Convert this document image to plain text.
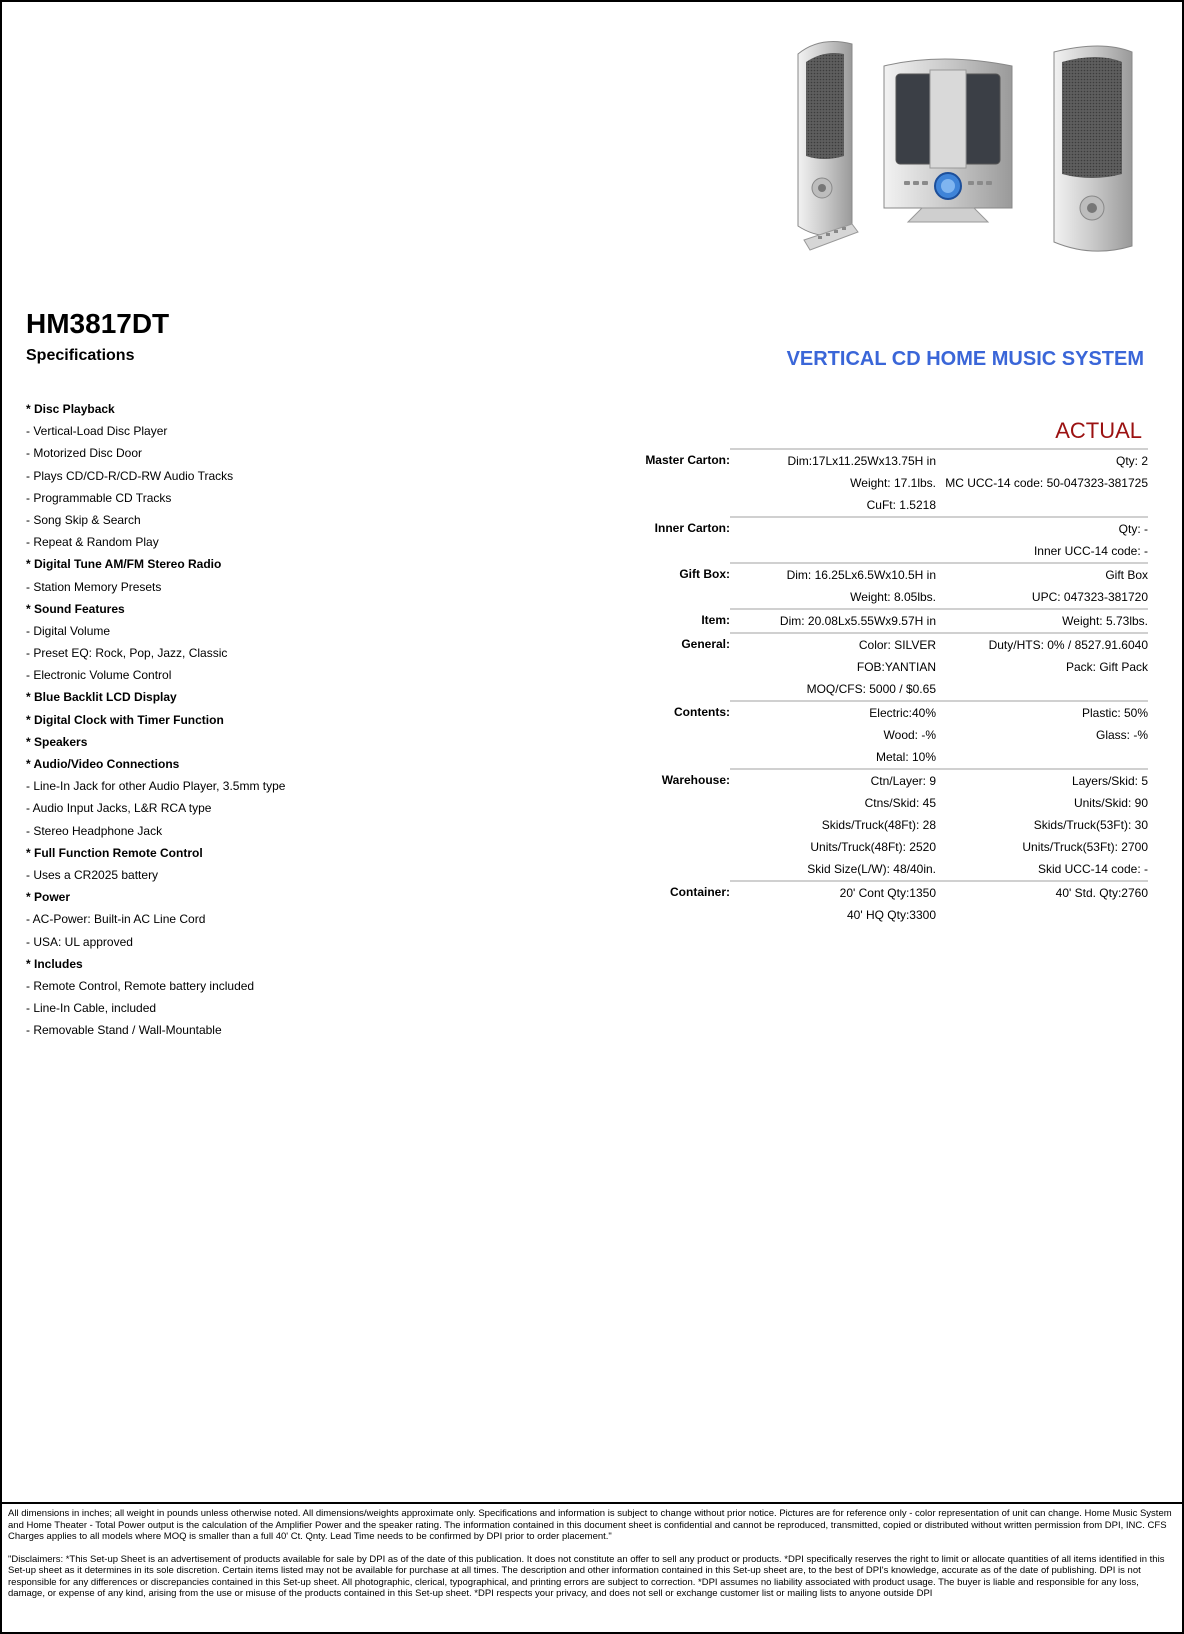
HM3817DT
Specifications	VERTICAL CD HOME MUSIC SYSTEM
* Disc Playback
- Vertical-Load Disc Player
- Motorized Disc Door
- Plays CD/CD-R/CD-RW Audio Tracks
- Programmable CD Tracks
- Song Skip & Search
- Repeat & Random Play
* Digital Tune AM/FM Stereo Radio
- Station Memory Presets
* Sound Features
- Digital Volume
- Preset EQ: Rock, Pop, Jazz, Classic
- Electronic Volume Control
* Blue Backlit LCD Display
* Digital Clock with Timer Function
* Speakers
* Audio/Video Connections
- Line-In Jack for other Audio Player, 3.5mm type
- Audio Input Jacks, L&R RCA type
- Stereo Headphone Jack
* Full Function Remote Control
- Uses a CR2025 battery
* Power
- AC-Power: Built-in AC Line Cord
- USA: UL approved
* Includes
- Remote Control, Remote battery included
- Line-In Cable, included
- Removable Stand / Wall-Mountable
ACTUAL
Master Carton:	Dim:17Lx11.25Wx13.75H in	Qty: 2
	Weight: 17.1lbs.	MC UCC-14 code: 50-047323-381725
	CuFt: 1.5218	
Inner Carton:		Qty: -
		Inner UCC-14 code: -
Gift Box:	Dim: 16.25Lx6.5Wx10.5H in	Gift Box
	Weight: 8.05lbs.	UPC: 047323-381720
Item:	Dim: 20.08Lx5.55Wx9.57H in	Weight: 5.73lbs.
General:	Color: SILVER	Duty/HTS: 0% / 8527.91.6040
	FOB:YANTIAN	Pack: Gift Pack
	MOQ/CFS: 5000 / $0.65	
Contents:	Electric:40%	Plastic: 50%
	Wood: -%	Glass: -%
	Metal: 10%	
Warehouse:	Ctn/Layer: 9	Layers/Skid: 5
	Ctns/Skid: 45	Units/Skid: 90
	Skids/Truck(48Ft): 28	Skids/Truck(53Ft): 30
	Units/Truck(48Ft): 2520	Units/Truck(53Ft): 2700
	Skid Size(L/W): 48/40in.	Skid UCC-14 code: -
Container:	20' Cont Qty:1350	40' Std. Qty:2760
	40' HQ Qty:3300	

All dimensions in inches; all weight in pounds unless otherwise noted. All dimensions/weights approximate only. Specifications and information is subject to change without prior notice. Pictures are for reference only - color representation of unit can change. Home Music System and Home Theater - Total Power output is the calculation of the Amplifier Power and the speaker rating. The information contained in this document sheet is confidential and cannot be reproduced, transmitted, copied or distributed without written permission from DPI, INC. CFS Charges applies to all models where MOQ is smaller than a full 40' Ct. Qnty. Lead Time needs to be confirmed by DPI prior to order placement."

"Disclaimers: *This Set-up Sheet is an advertisement of products available for sale by DPI as of the date of this publication. It does not constitute an offer to sell any product or products. *DPI specifically reserves the right to limit or allocate quantities of all items identified in this Set-up sheet as it determines in its sole discretion. Certain items listed may not be available for purchase at all times. The description and other information contained in this Set-up sheet are, to the best of DPI's knowledge, accurate as of the date of publishing. DPI is not responsible for any differences or discrepancies contained in this Set-up sheet. All photographic, clerical, typographical, and printing errors are subject to correction. *DPI assumes no liability associated with product usage. The buyer is liable and responsible for any loss, damage, or expense of any kind, arising from the use or misuse of the products contained in this Set-up sheet. *DPI respects your privacy, and does not sell or exchange customer list or mailing lists to anyone outside DPI
